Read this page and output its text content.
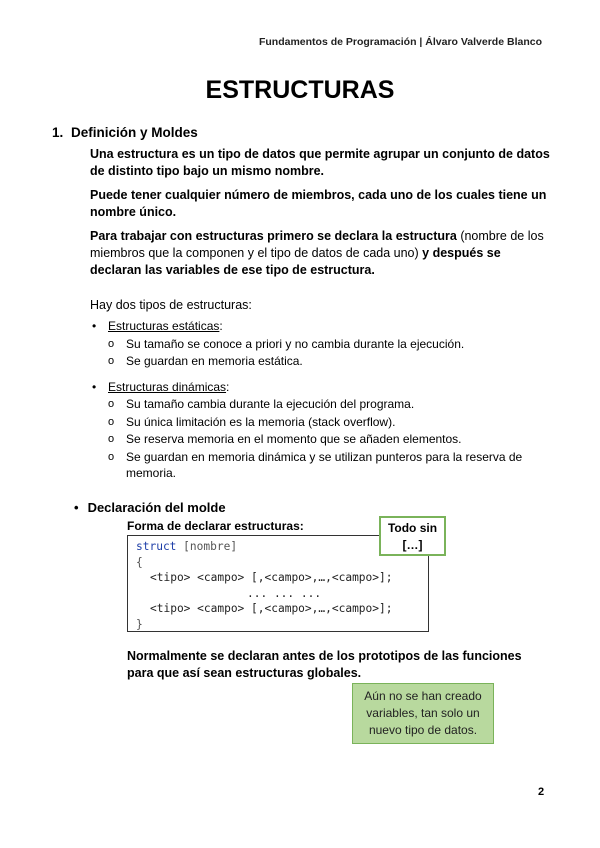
Fundamentos de Programación | Álvaro Valverde Blanco
ESTRUCTURAS
1. Definición y Moldes
Una estructura es un tipo de datos que permite agrupar un conjunto de datos de distinto tipo bajo un mismo nombre.
Puede tener cualquier número de miembros, cada uno de los cuales tiene un nombre único.
Para trabajar con estructuras primero se declara la estructura (nombre de los miembros que la componen y el tipo de datos de cada uno) y después se declaran las variables de ese tipo de estructura.
Hay dos tipos de estructuras:
• Estructuras estáticas:
o Su tamaño se conoce a priori y no cambia durante la ejecución.
o Se guardan en memoria estática.
• Estructuras dinámicas:
o Su tamaño cambia durante la ejecución del programa.
o Su única limitación es la memoria (stack overflow).
o Se reserva memoria en el momento que se añaden elementos.
o Se guardan en memoria dinámica y se utilizan punteros para la reserva de memoria.
• Declaración del molde
Forma de declarar estructuras:
struct [nombre]
{
<tipo> <campo> [,<campo>,…,<campo>];
... ... ...
<tipo> <campo> [,<campo>,…,<campo>];
}
Todo sin […]
Normalmente se declaran antes de los prototipos de las funciones para que así sean estructuras globales.
Aún no se han creado variables, tan solo un nuevo tipo de datos.
2
